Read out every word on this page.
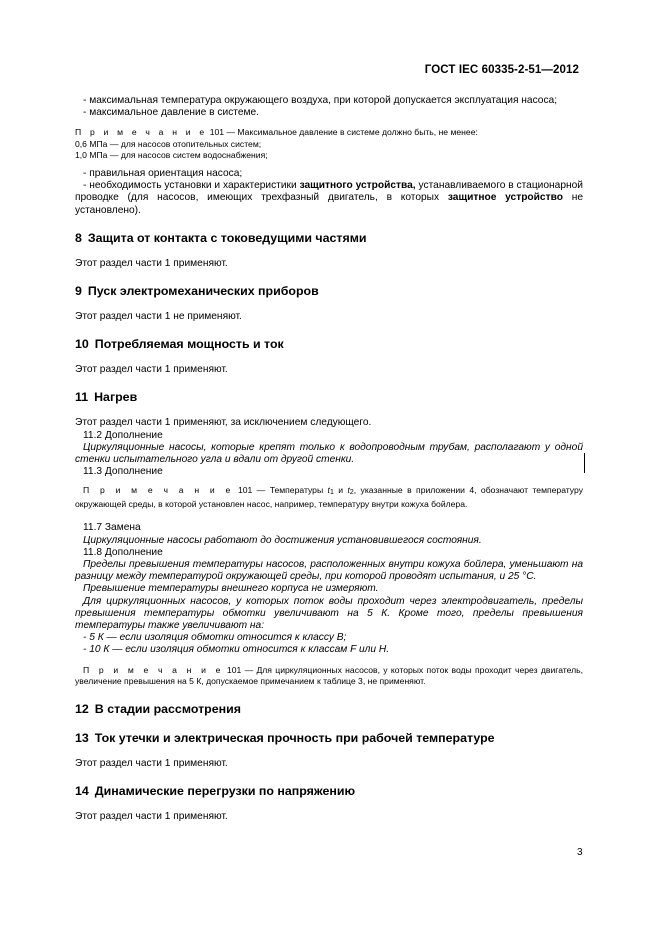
ГОСТ IEC 60335-2-51—2012

- максимальная температура окружающего воздуха, при которой допускается эксплуатация насоса;

- максимальное давление в системе.

П р и м е ч а н и е 101 — Максимальное давление в системе должно быть, не менее:

0,6 МПа — для насосов отопительных систем;

1,0 МПа — для насосов систем водоснабжения;

- правильная ориентация насоса;

- необходимость установки и характеристики защитного устройства, устанавливаемого в стационарной проводке (для насосов, имеющих трехфазный двигатель, в которых защитное устройство не установлено).

8 Защита от контакта с токоведущими частями

Этот раздел части 1 применяют.

9 Пуск электромеханических приборов

Этот раздел части 1 не применяют.

10 Потребляемая мощность и ток

Этот раздел части 1 применяют.

11 Нагрев

Этот раздел части 1 применяют, за исключением следующего.

11.2 Дополнение

Циркуляционные насосы, которые крепят только к водопроводным трубам, располагают у одной стенки испытательного угла и вдали от другой стенки.

11.3 Дополнение

П р и м е ч а н и е 101 — Температуры t1 и t2, указанные в приложении 4, обозначают температуру окружающей среды, в которой установлен насос, например, температуру внутри кожуха бойлера.

11.7 Замена

Циркуляционные насосы работают до достижения установившегося состояния.

11.8 Дополнение

Пределы превышения температуры насосов, расположенных внутри кожуха бойлера, уменьшают на разницу между температурой окружающей среды, при которой проводят испытания, и 25 °С.

Превышение температуры внешнего корпуса не измеряют.

Для циркуляционных насосов, у которых поток воды проходит через электродвигатель, пределы превышения температуры обмотки увеличивают на 5 К. Кроме того, пределы превышения температуры также увеличивают на:

- 5 К — если изоляция обмотки относится к классу В;

- 10 К — если изоляция обмотки относится к классам F или Н.

П р и м е ч а н и е 101 — Для циркуляционных насосов, у которых поток воды проходит через двигатель, увеличение превышения на 5 К, допускаемое примечанием к таблице 3, не применяют.

12 В стадии рассмотрения
13 Ток утечки и электрическая прочность при рабочей температуре

Этот раздел части 1 применяют.

14 Динамические перегрузки по напряжению

Этот раздел части 1 применяют.

3
